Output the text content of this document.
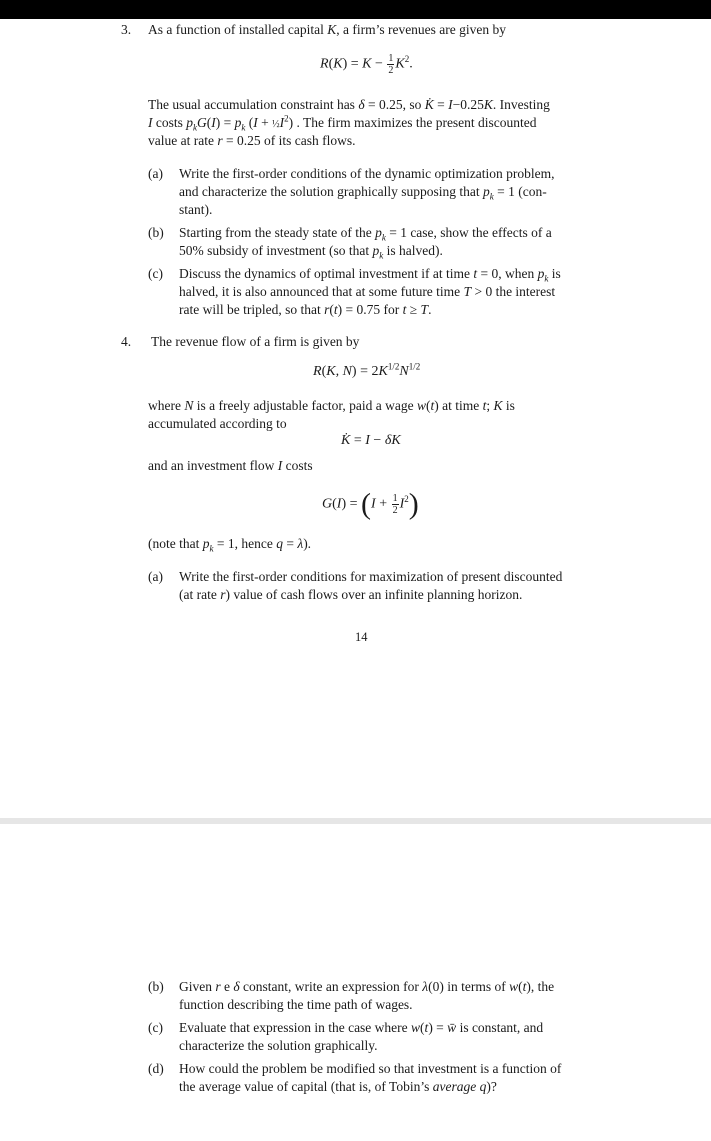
3. As a function of installed capital K, a firm’s revenues are given by
$R(K) = K - \frac{1}{2} K^2$.
The usual accumulation constraint has δ = 0.25, so K̇ = I−0.25K. Investing
I costs $p_kG(I) = p_k$ $(I + \frac{1}{2}I^2)$ . The firm maximizes the present discounted
value at rate r = 0.25 of its cash flows.
(a) Write the first-order conditions of the dynamic optimization problem,
and characterize the solution graphically supposing that $p_k = 1$ (con-
stant).
(b) Starting from the steady state of the $p_k = 1$ case, show the effects of a
50% subsidy of investment (so that $p_k$ is halved).
(c) Discuss the dynamics of optimal investment if at time t = 0, when $p_k$ is
halved, it is also announced that at some future time T > 0 the interest
rate will be tripled, so that r(t) = 0.75 for t ≥ T.
4. The revenue flow of a firm is given by
R(K, $N) = 2K^{1/2}N^{1/2}$
where N is a freely adjustable factor, paid a wage w(t) at time t; K is
accumulated according to
K̇ = I − δK
and an investment flow I costs
$G(I) = (I + \frac{1}{2} I^2)$
(note that $p_k = 1$, hence q = λ).
(a) Write the first-order conditions for maximization of present discounted
(at rate r) value of cash flows over an infinite planning horizon.
14
(b) Given r e δ constant, write an expression for λ(0) in terms of w(t), the
function describing the time path of wages.
(c) Evaluate that expression in the case where w(t) = w̄ is constant, and
characterize the solution graphically.
(d) How could the problem be modified so that investment is a function of
the average value of capital (that is, of Tobin’s average q)?
